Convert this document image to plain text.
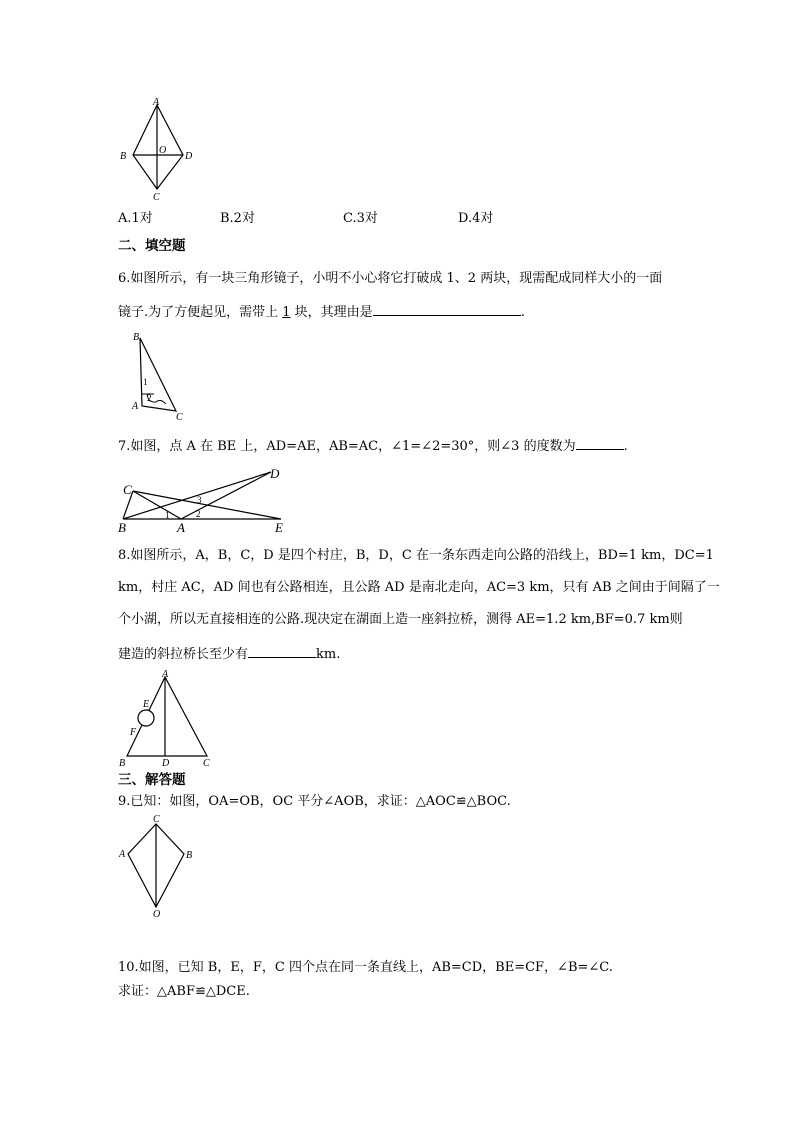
A
B	D
C
O
A.1对	B.2对	C.3对	D.4对
二、填空题
6.如图所示，有一块三角形镜子，小明不小心将它打破成 1、2 两块，现需配成同样大小的一面
镜子.为了方便起见，需带上 1 块，其理由是	.
B
A
C
1
2
7.如图，点 A 在 BE 上，AD=AE，AB=AC，∠1=∠2=30°，则∠3 的度数为	.
C
D
B	A	E
1	2
3
8.如图所示，A，B，C，D 是四个村庄，B，D，C 在一条东西走向公路的沿线上，BD=1 km，DC=1
km，村庄 AC，AD 间也有公路相连，且公路 AD 是南北走向，AC=3 km，只有 AB 之间由于间隔了一
个小湖，所以无直接相连的公路.现决定在湖面上造一座斜拉桥，测得 AE=1.2 km,BF=0.7 km则
建造的斜拉桥长至少有	km.
A
E
F
B	D	C
三、解答题
9.已知：如图，OA=OB，OC 平分∠AOB，求证：△AOC≌△BOC.
C
A	B
O
10.如图，已知 B，E，F，C 四个点在同一条直线上，AB=CD，BE=CF，∠B=∠C.
求证：△ABF≌△DCE.
